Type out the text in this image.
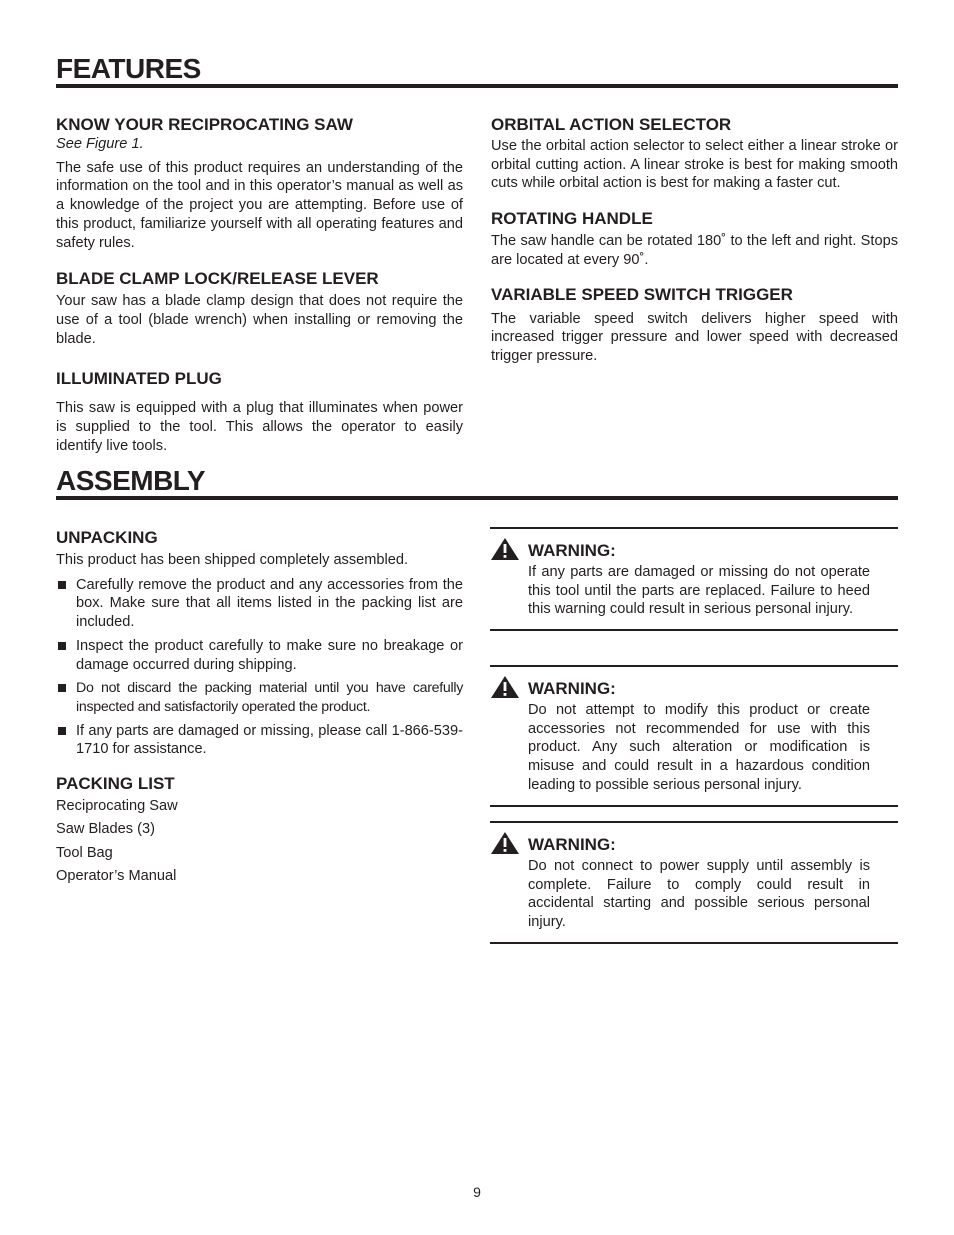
FEATURES
KNOW YOUR RECIPROCATING SAW

See Figure 1.

The safe use of this product requires an understanding of the information on the tool and in this operator’s manual as well as a knowledge of the project you are attempting. Before use of this product, familiarize yourself with all operating features and safety rules.

BLADE CLAMP LOCK/RELEASE LEVER

Your saw has a blade clamp design that does not require the use of a tool (blade wrench) when installing or removing the blade.

ILLUMINATED PLUG

This saw is equipped with a plug that illuminates when power is supplied to the tool. This allows the operator to easily identify live tools.

ORBITAL ACTION SELECTOR

Use the orbital action selector to select either a linear stroke or orbital cutting action. A linear stroke is best for making smooth cuts while orbital action is best for making a faster cut.

ROTATING HANDLE

The saw handle can be rotated 180˚ to the left and right. Stops are located at every 90˚.

VARIABLE SPEED SWITCH TRIGGER

The variable speed switch delivers higher speed with increased trigger pressure and lower speed with decreased trigger pressure.

ASSEMBLY
UNPACKING

This product has been shipped completely assembled.

Carefully remove the product and any accessories from the box. Make sure that all items listed in the packing list are included.
Inspect the product carefully to make sure no breakage or damage occurred during shipping.
Do not discard the packing material until you have carefully inspected and satisfactorily operated the product.
If any parts are damaged or missing, please call 1-866-539-1710 for assistance.
PACKING LIST
Reciprocating Saw
Saw Blades (3)
Tool Bag
Operator’s Manual
WARNING:

If any parts are damaged or missing do not operate this tool until the parts are replaced. Failure to heed this warning could result in serious personal injury.

WARNING:

Do not attempt to modify this product or create accessories not recommended for use with this product. Any such alteration or modification is misuse and could result in a hazardous condition leading to possible serious personal injury.

WARNING:

Do not connect to power supply until assembly is complete. Failure to comply could result in accidental starting and possible serious personal injury.

9
